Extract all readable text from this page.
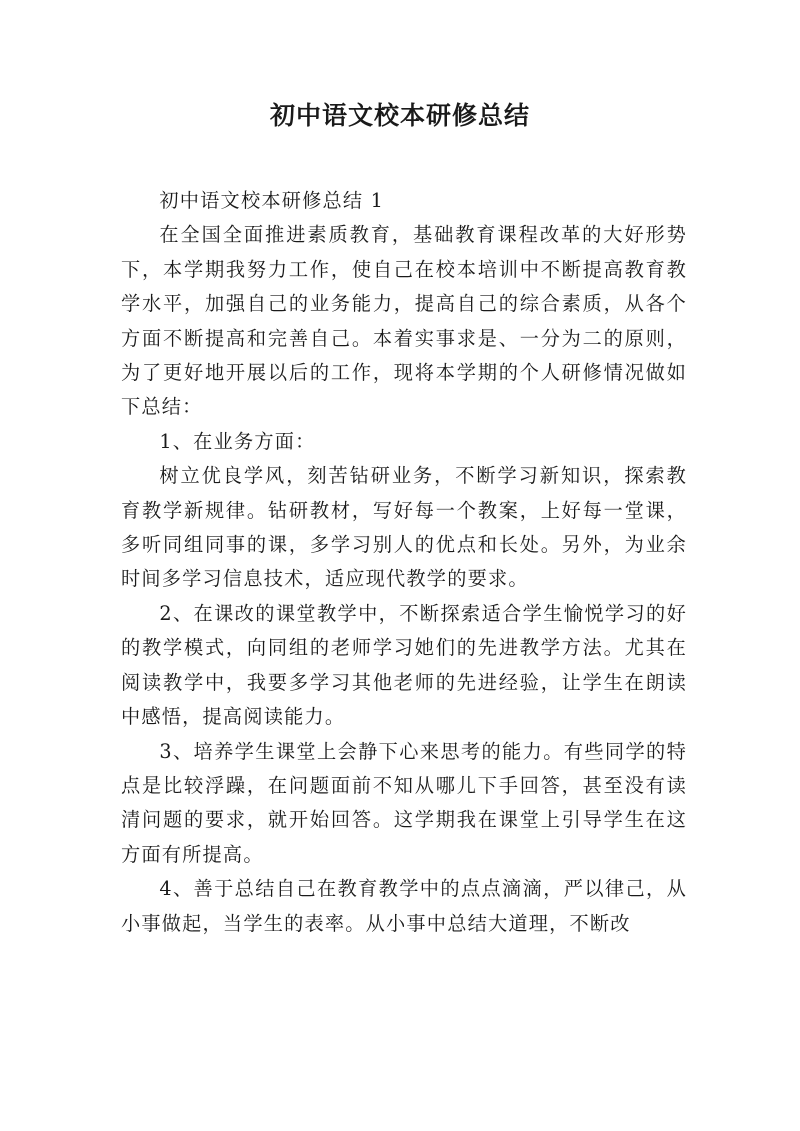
初中语文校本研修总结

初中语文校本研修总结 1

在全国全面推进素质教育，基础教育课程改革的大好形势下，本学期我努力工作，使自己在校本培训中不断提高教育教学水平，加强自己的业务能力，提高自己的综合素质，从各个方面不断提高和完善自己。本着实事求是、一分为二的原则，为了更好地开展以后的工作，现将本学期的个人研修情况做如下总结：

1、在业务方面：

树立优良学风，刻苦钻研业务，不断学习新知识，探索教育教学新规律。钻研教材，写好每一个教案，上好每一堂课，多听同组同事的课，多学习别人的优点和长处。另外，为业余时间多学习信息技术，适应现代教学的要求。

2、在课改的课堂教学中，不断探索适合学生愉悦学习的好的教学模式，向同组的老师学习她们的先进教学方法。尤其在阅读教学中，我要多学习其他老师的先进经验，让学生在朗读中感悟，提高阅读能力。

3、培养学生课堂上会静下心来思考的能力。有些同学的特点是比较浮躁，在问题面前不知从哪儿下手回答，甚至没有读清问题的要求，就开始回答。这学期我在课堂上引导学生在这方面有所提高。

4、善于总结自己在教育教学中的点点滴滴，严以律己，从小事做起，当学生的表率。从小事中总结大道理，不断改
